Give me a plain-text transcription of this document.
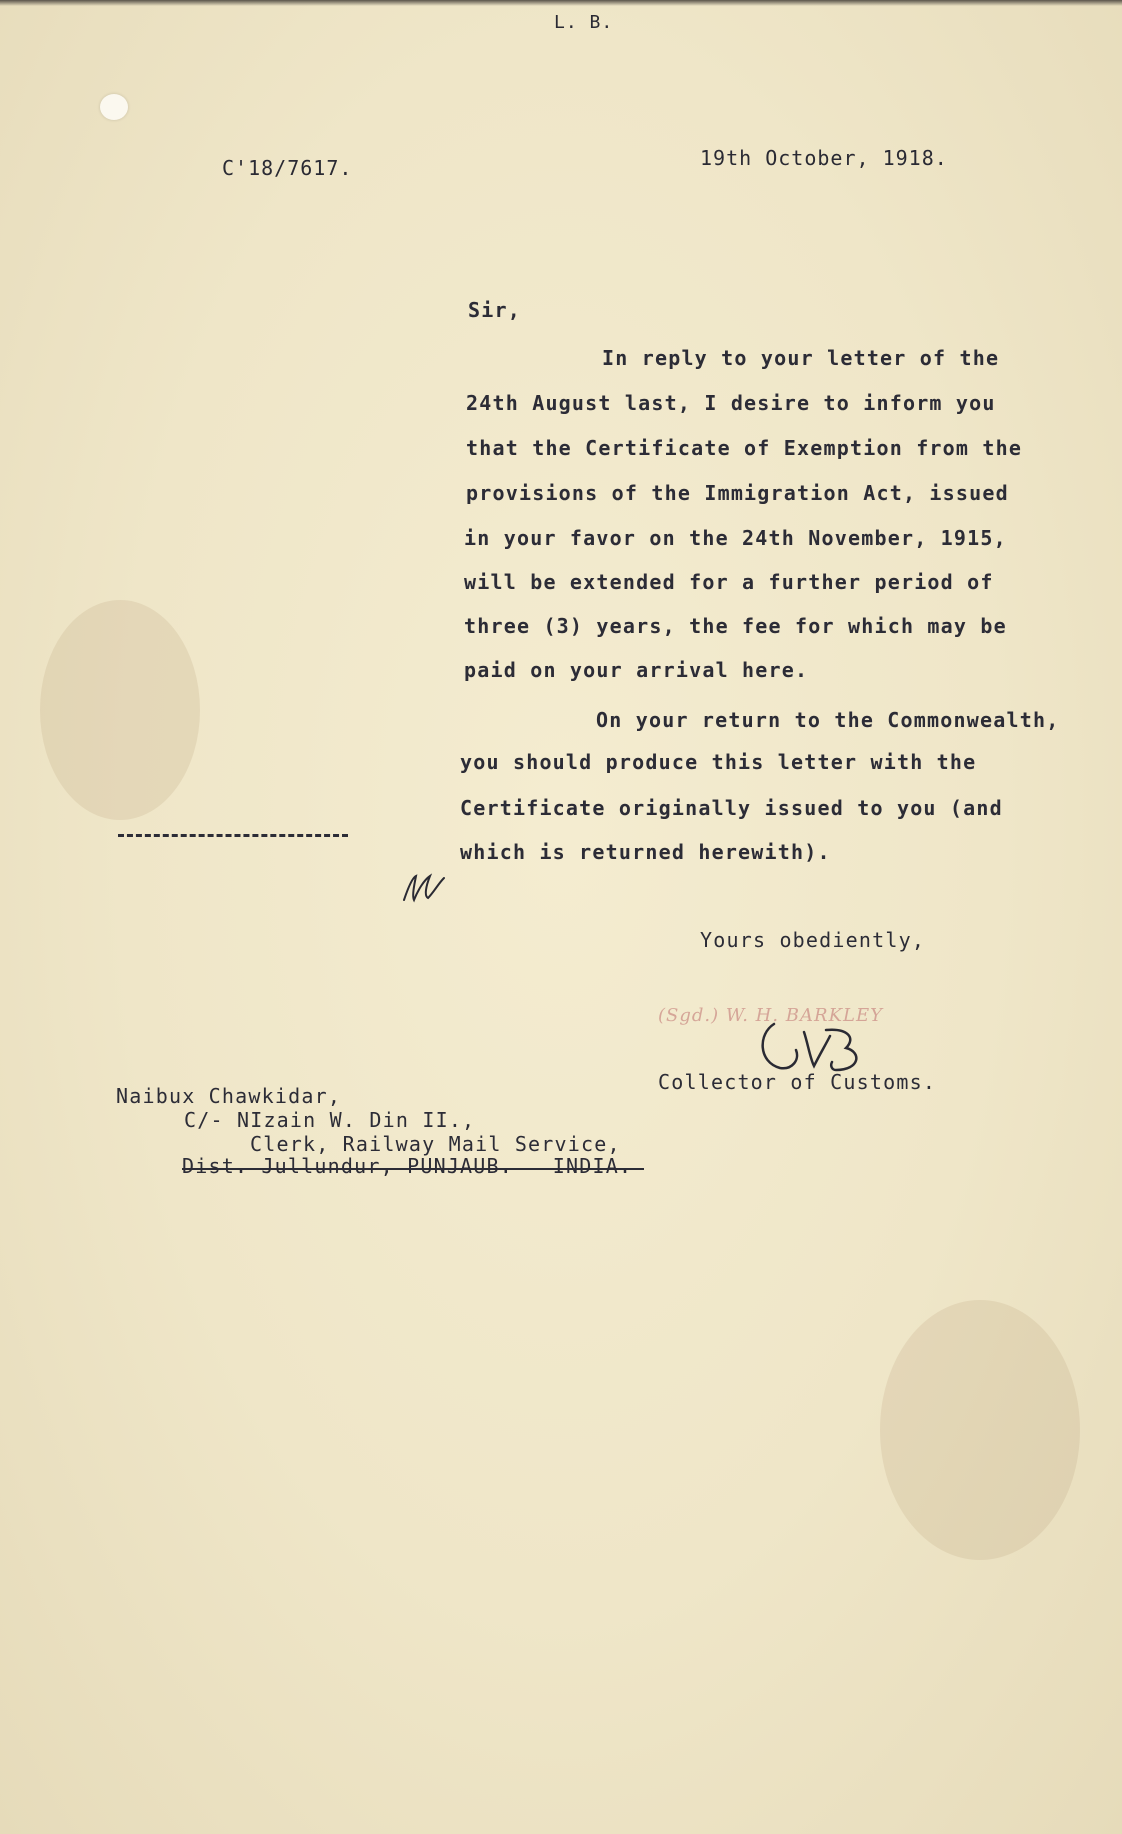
L. B.
C'18/7617.	19th October, 1918.
Sir,
In reply to your letter of the
24th August last, I desire to inform you
that the Certificate of Exemption from the
provisions of the Immigration Act, issued
in your favor on the 24th November, 1915,
will be extended for a further period of
three (3) years, the fee for which may be
paid on your arrival here.
On your return to the Commonwealth,
you should produce this letter with the
Certificate originally issued to you (and
which is returned herewith).
Yours obediently,
(Sgd.) W. H. BARKLEY
Collector of Customs.
Naibux Chawkidar,
C/- NIzain W. Din II.,
Clerk, Railway Mail Service,
Dist. Jullundur, PUNJAUB.   INDIA.
